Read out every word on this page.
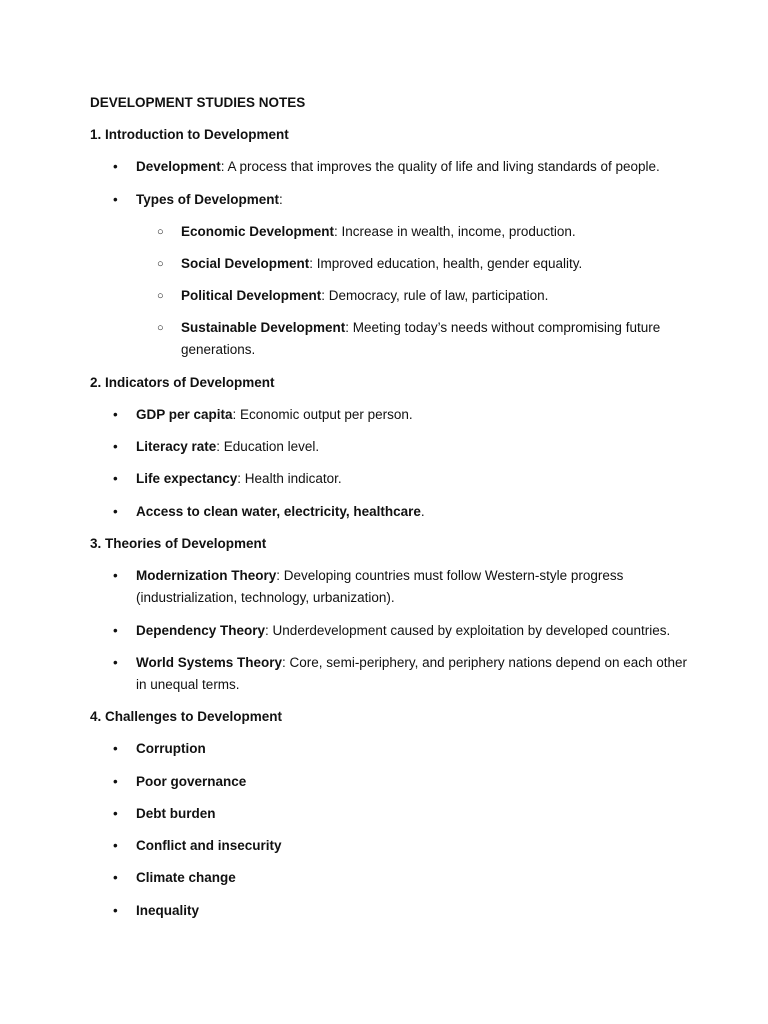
DEVELOPMENT STUDIES NOTES
1. Introduction to Development
• Development: A process that improves the quality of life and living standards of people.
• Types of Development:
○ Economic Development: Increase in wealth, income, production.
○ Social Development: Improved education, health, gender equality.
○ Political Development: Democracy, rule of law, participation.
○ Sustainable Development: Meeting today’s needs without compromising future generations.
2. Indicators of Development
• GDP per capita: Economic output per person.
• Literacy rate: Education level.
• Life expectancy: Health indicator.
• Access to clean water, electricity, healthcare.
3. Theories of Development
• Modernization Theory: Developing countries must follow Western-style progress (industrialization, technology, urbanization).
• Dependency Theory: Underdevelopment caused by exploitation by developed countries.
• World Systems Theory: Core, semi-periphery, and periphery nations depend on each other in unequal terms.
4. Challenges to Development
• Corruption
• Poor governance
• Debt burden
• Conflict and insecurity
• Climate change
• Inequality
